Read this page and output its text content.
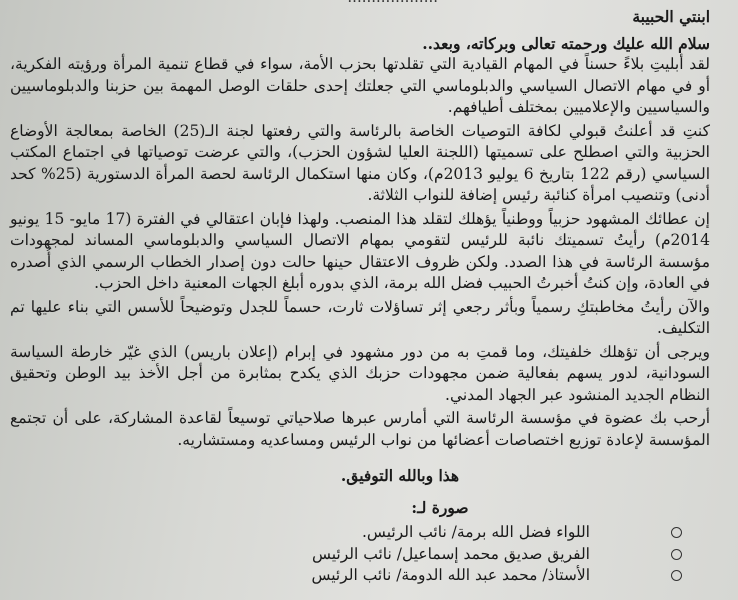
ابنتي الحبيبة

سلام الله عليك ورحمته تعالى وبركاته، وبعد..

لقد أبليتِ بلاءً حسناً في المهام القيادية التي تقلدتها بحزب الأمة، سواء في قطاع تنمية المرأة ورؤيته الفكرية، أو في مهام الاتصال السياسي والدبلوماسي التي جعلتك إحدى حلقات الوصل المهمة بين حزبنا والدبلوماسيين والسياسيين والإعلاميين بمختلف أطيافهم.

كنتِ قد أعلنتُ قبولي لكافة التوصيات الخاصة بالرئاسة والتي رفعتها لجنة الـ(25) الخاصة بمعالجة الأوضاع الحزبية والتي اصطلح على تسميتها (اللجنة العليا لشؤون الحزب)، والتي عرضت توصياتها في اجتماع المكتب السياسي (رقم 122 بتاريخ 6 يوليو 2013م)، وكان منها استكمال الرئاسة لحصة المرأة الدستورية (25% كحد أدنى) وتنصيب امرأة كنائبة رئيس إضافة للنواب الثلاثة.

إن عطائك المشهود حزبياً ووطنياً يؤهلك لتقلد هذا المنصب. ولهذا فإبان اعتقالي في الفترة (17 مايو- 15 يونيو 2014م) رأيتُ تسميتك نائبة للرئيس لتقومي بمهام الاتصال السياسي والدبلوماسي المساند لمجهودات مؤسسة الرئاسة في هذا الصدد. ولكن ظروف الاعتقال حينها حالت دون إصدار الخطاب الرسمي الذي أُصدره في العادة، وإن كنتُ أخبرتُ الحبيب فضل الله برمة، الذي بدوره أبلغ الجهات المعنية داخل الحزب.

والآن رأيتُ مخاطبتكِ رسمياً وبأثر رجعي إثر تساؤلات ثارت، حسماً للجدل وتوضيحاً للأسس التي بناء عليها تم التكليف.

ويرجى أن تؤهلك خلفيتك، وما قمتِ به من دور مشهود في إبرام (إعلان باريس) الذي غيّر خارطة السياسة السودانية، لدور يسهم بفعالية ضمن مجهودات حزبك الذي يكدح بمثابرة من أجل الأخذ بيد الوطن وتحقيق النظام الجديد المنشود عبر الجهاد المدني.

أرحب بك عضوة في مؤسسة الرئاسة التي أمارس عبرها صلاحياتي توسيعاً لقاعدة المشاركة، على أن تجتمع المؤسسة لإعادة توزيع اختصاصات أعضائها من نواب الرئيس ومساعديه ومستشاريه.

هذا وبالله التوفيق.

صورة لـ:

اللواء فضل الله برمة/ نائب الرئيس.
الفريق صديق محمد إسماعيل/ نائب الرئيس
الأستاذ/ محمد عبد الله الدومة/ نائب الرئيس
